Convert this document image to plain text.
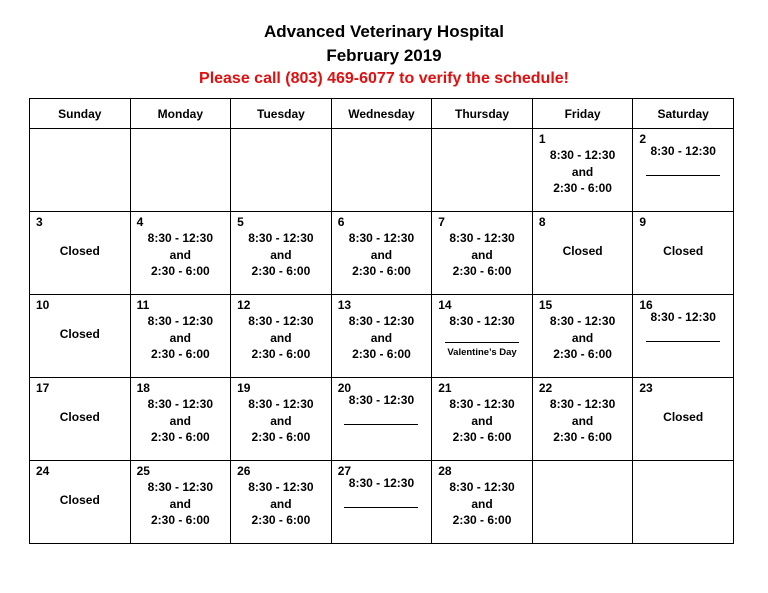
Advanced Veterinary Hospital
February 2019
Please call (803) 469-6077 to verify the schedule!
Sunday	Monday	Tuesday	Wednesday	Thursday	Friday	Saturday

					1
8:30 - 12:30
and
2:30 - 6:00	2
8:30 - 12:30

3
Closed	4
8:30 - 12:30
and
2:30 - 6:00	5
8:30 - 12:30
and
2:30 - 6:00	6
8:30 - 12:30
and
2:30 - 6:00	7
8:30 - 12:30
and
2:30 - 6:00	8
Closed	9
Closed

10
Closed	11
8:30 - 12:30
and
2:30 - 6:00	12
8:30 - 12:30
and
2:30 - 6:00	13
8:30 - 12:30
and
2:30 - 6:00	14
8:30 - 12:30
Valentine’s Day	15
8:30 - 12:30
and
2:30 - 6:00	16
8:30 - 12:30

17
Closed	18
8:30 - 12:30
and
2:30 - 6:00	19
8:30 - 12:30
and
2:30 - 6:00	20
8:30 - 12:30	21
8:30 - 12:30
and
2:30 - 6:00	22
8:30 - 12:30
and
2:30 - 6:00	23
Closed

24
Closed	25
8:30 - 12:30
and
2:30 - 6:00	26
8:30 - 12:30
and
2:30 - 6:00	27
8:30 - 12:30	28
8:30 - 12:30
and
2:30 - 6:00		
